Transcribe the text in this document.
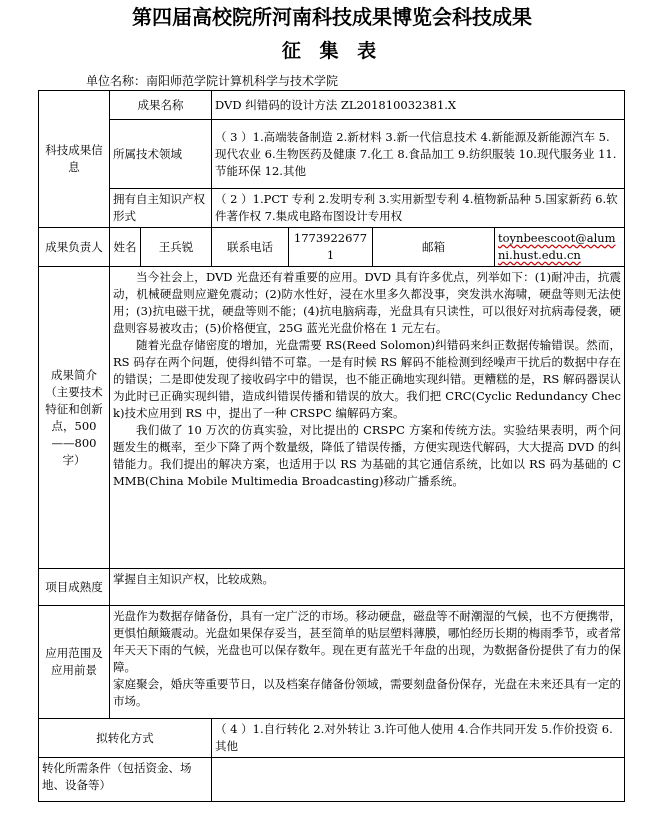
第四届高校院所河南科技成果博览会科技成果
征 集 表
单位名称：南阳师范学院计算机科学与技术学院
科技成果信息	成果名称		DVD 纠错码的设计方法 ZL201810032381.X			
	所属技术领域		（ 3 ）1.高端装备制造 2.新材料 3.新一代信息技术 4.新能源及新能源汽车 5.现代农业 6.生物医药及健康 7.化工 8.食品加工 9.纺织服装 10.现代服务业 11.节能环保 12.其他			
	拥有自主知识产权形式		（ 2 ）1.PCT 专利 2.发明专利 3.实用新型专利 4.植物新品种 5.国家新药 6.软件著作权 7.集成电路布图设计专用权			
成果负责人	姓名	王兵锐	联系电话	17739226771	邮箱	toynbeescoot@alumni.hust.edu.cn
成果简介（主要技术特征和创新点，500——800 字）	当今社会上，DVD 光盘还有着重要的应用。DVD 具有许多优点，列举如下：(1)耐冲击，抗震动，机械硬盘则应避免震动；(2)防水性好，浸在水里多久都没事，突发洪水海啸，硬盘等则无法使用；(3)抗电磁干扰，硬盘等则不能；(4)抗电脑病毒，光盘具有只读性，可以很好对抗病毒侵袭，硬盘则容易被攻击；(5)价格便宜，25G 蓝光光盘价格在 1 元左右。

随着光盘存储密度的增加，光盘需要 RS(Reed Solomon)纠错码来纠正数据传输错误。然而，RS 码存在两个问题，使得纠错不可靠。一是有时候 RS 解码不能检测到经噪声干扰后的数据中存在的错误；二是即使发现了接收码字中的错误，也不能正确地实现纠错。更糟糕的是，RS 解码器误认为此时已正确实现纠错，造成纠错误传播和错误的放大。我们把 CRC(Cyclic Redundancy Check)技术应用到 RS 中，提出了一种 CRSPC 编解码方案。

我们做了 10 万次的仿真实验，对比提出的 CRSPC 方案和传统方法。实验结果表明，两个问题发生的概率，至少下降了两个数量级，降低了错误传播，方便实现迭代解码，大大提高 DVD 的纠错能力。我们提出的解决方案，也适用于以 RS 为基础的其它通信系统，比如以 RS 码为基础的 CMMB(China Mobile Multimedia Broadcasting)移动广播系统。					

项目成熟度	掌握自主知识产权，比较成熟。					
应用范围及应用前景	光盘作为数据存储备份，具有一定广泛的市场。移动硬盘，磁盘等不耐潮湿的气候，也不方便携带，更惧怕颠簸震动。光盘如果保存妥当，甚至简单的贴层塑料薄膜，哪怕经历长期的梅雨季节，或者常年天天下雨的气候，光盘也可以保存数年。现在更有蓝光千年盘的出现，为数据备份提供了有力的保障。

家庭聚会，婚庆等重要节日，以及档案存储备份领域，需要刻盘备份保存，光盘在未来还具有一定的市场。					

拟转化方式			（ 4 ）1.自行转化 2.对外转让 3.许可他人使用 4.合作共同开发 5.作价投资 6.其他			
转化所需条件（包括资金、场地、设备等）						
